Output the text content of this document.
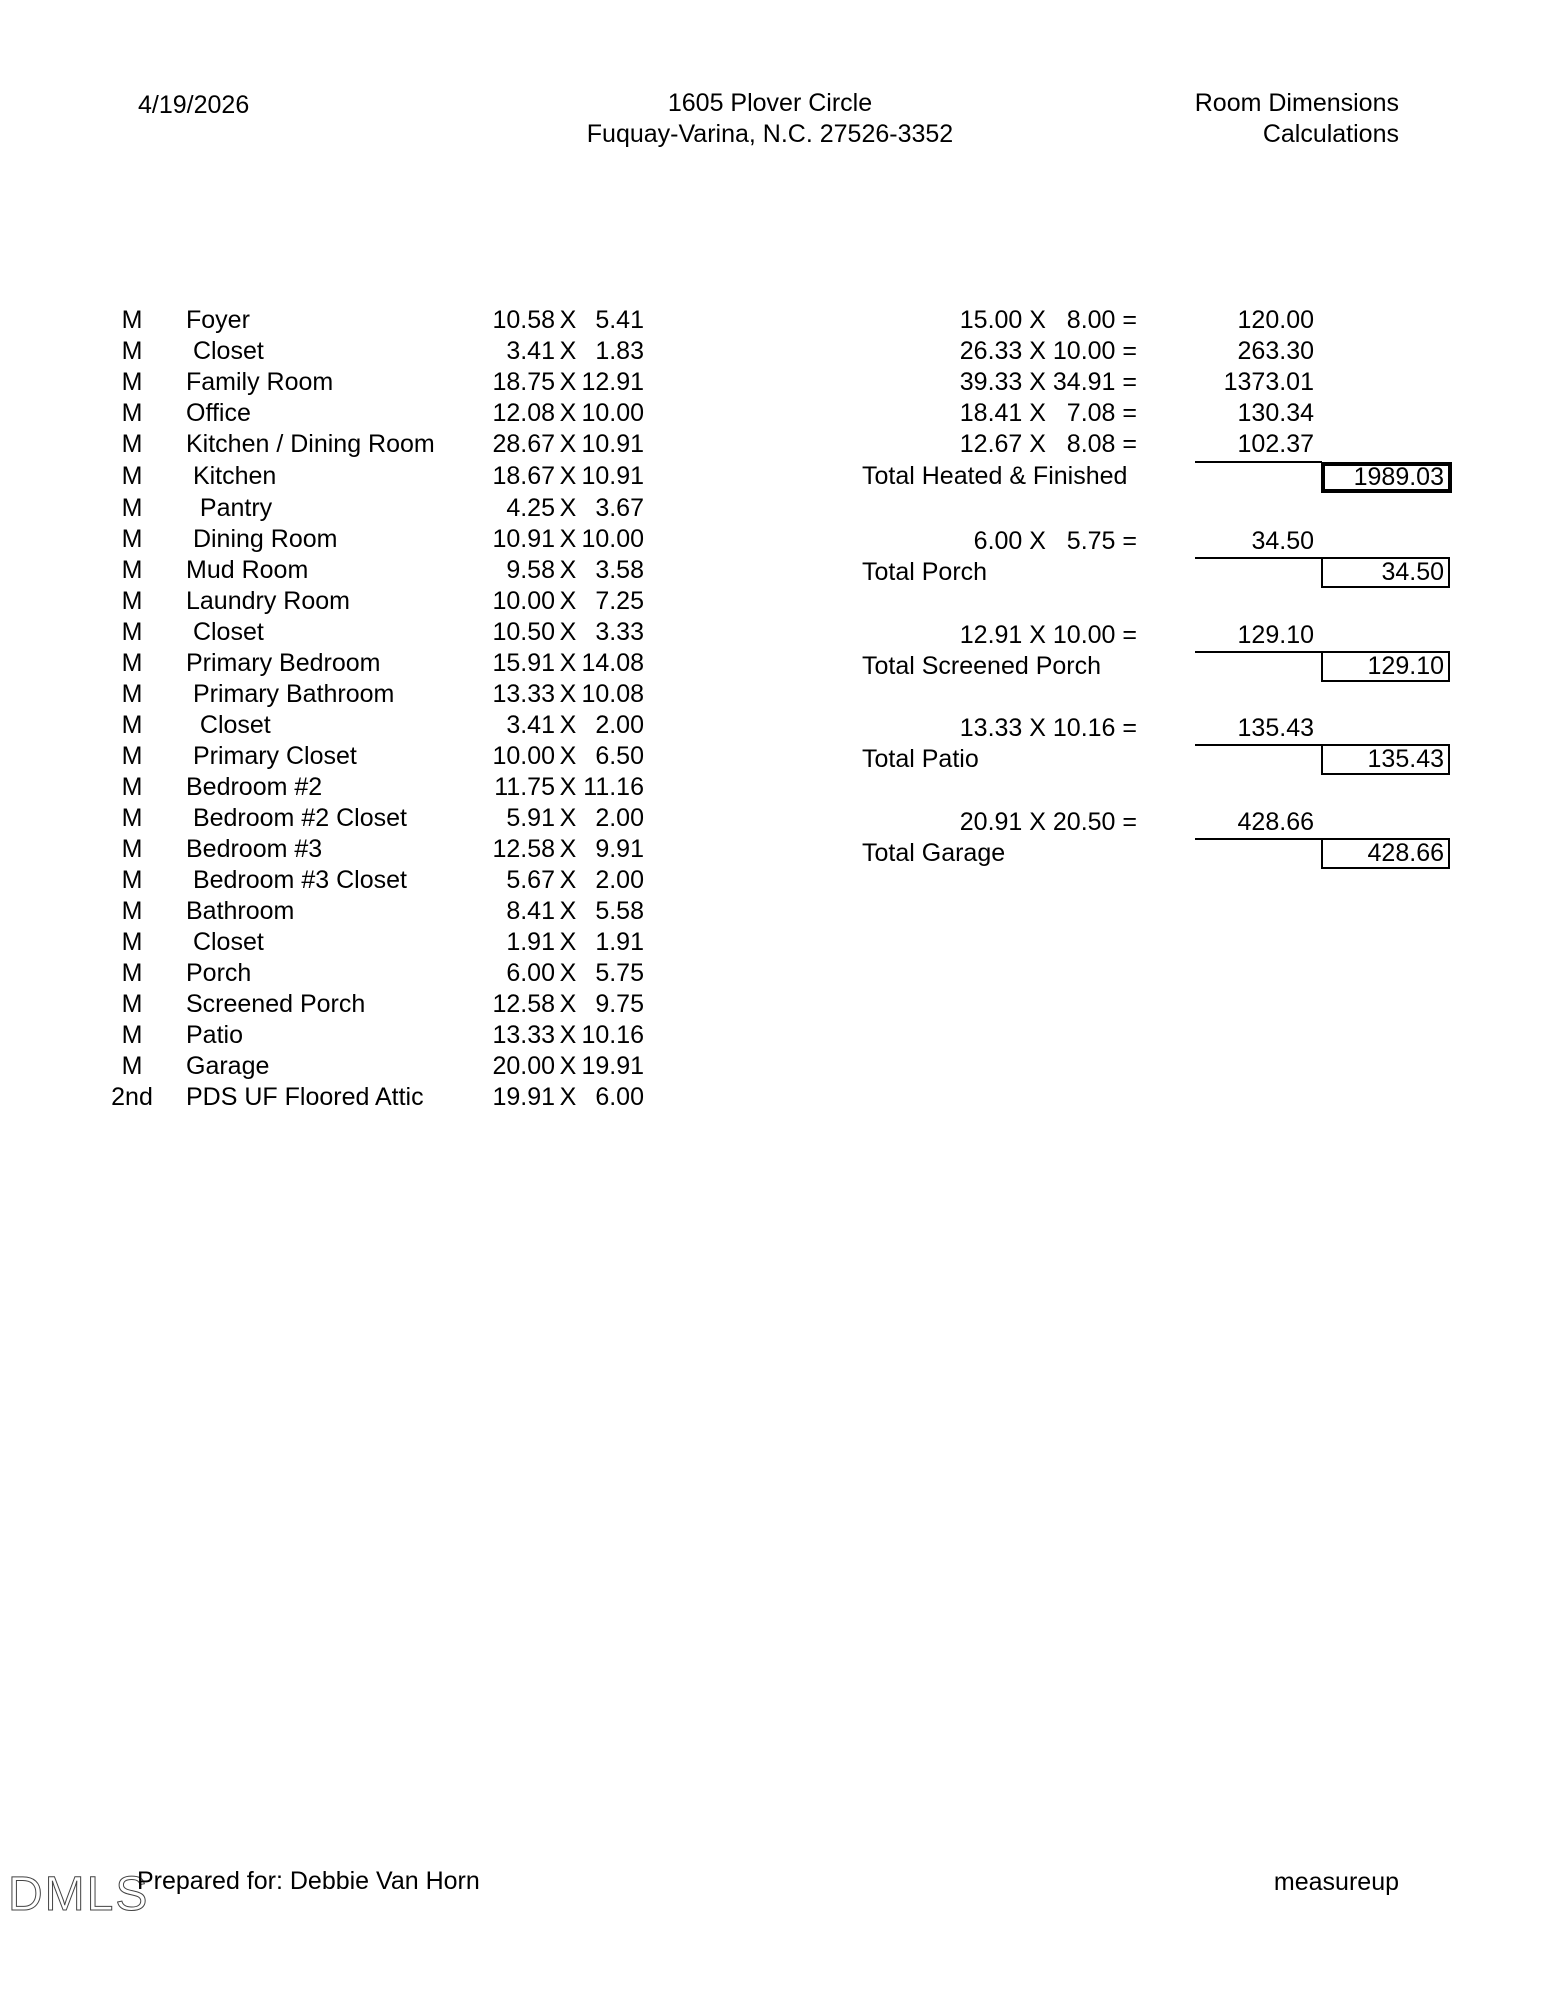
4/19/2026	1605 Plover Circle
Fuquay-Varina, N.C. 27526-3352
Room Dimensions
Calculations
M	Foyer	10.58 X 5.41
M	Closet	3.41 X 1.83
M	Family Room	18.75 X 12.91
M	Office	12.08 X 10.00
M	Kitchen / Dining Room	28.67 X 10.91
M	Kitchen	18.67 X 10.91
M	Pantry	4.25 X 3.67
M	Dining Room	10.91 X 10.00
M	Mud Room	9.58 X 3.58
M	Laundry Room	10.00 X 7.25
M	Closet	10.50 X 3.33
M	Primary Bedroom	15.91 X 14.08
M	Primary Bathroom	13.33 X 10.08
M	Closet	3.41 X 2.00
M	Primary Closet	10.00 X 6.50
M	Bedroom #2	11.75 X 11.16
M	Bedroom #2 Closet	5.91 X 2.00
M	Bedroom #3	12.58 X 9.91
M	Bedroom #3 Closet	5.67 X 2.00
M	Bathroom	8.41 X 5.58
M	Closet	1.91 X 1.91
M	Porch	6.00 X 5.75
M	Screened Porch	12.58 X 9.75
M	Patio	13.33 X 10.16
M	Garage	20.00 X 19.91
2nd	PDS UF Floored Attic	19.91 X 6.00
15.00 X   8.00 =	120.00
26.33 X 10.00 =	263.30
39.33 X 34.91 =	1373.01
18.41 X   7.08 =	130.34
12.67 X   8.08 =	102.37
Total Heated & Finished	1989.03
6.00 X   5.75 =	34.50
Total Porch	34.50
12.91 X 10.00 =	129.10
Total Screened Porch	129.10
13.33 X 10.16 =	135.43
Total Patio	135.43
20.91 X 20.50 =	428.66
Total Garage	428.66
DMLS
Prepared for: Debbie Van Horn	measureup
